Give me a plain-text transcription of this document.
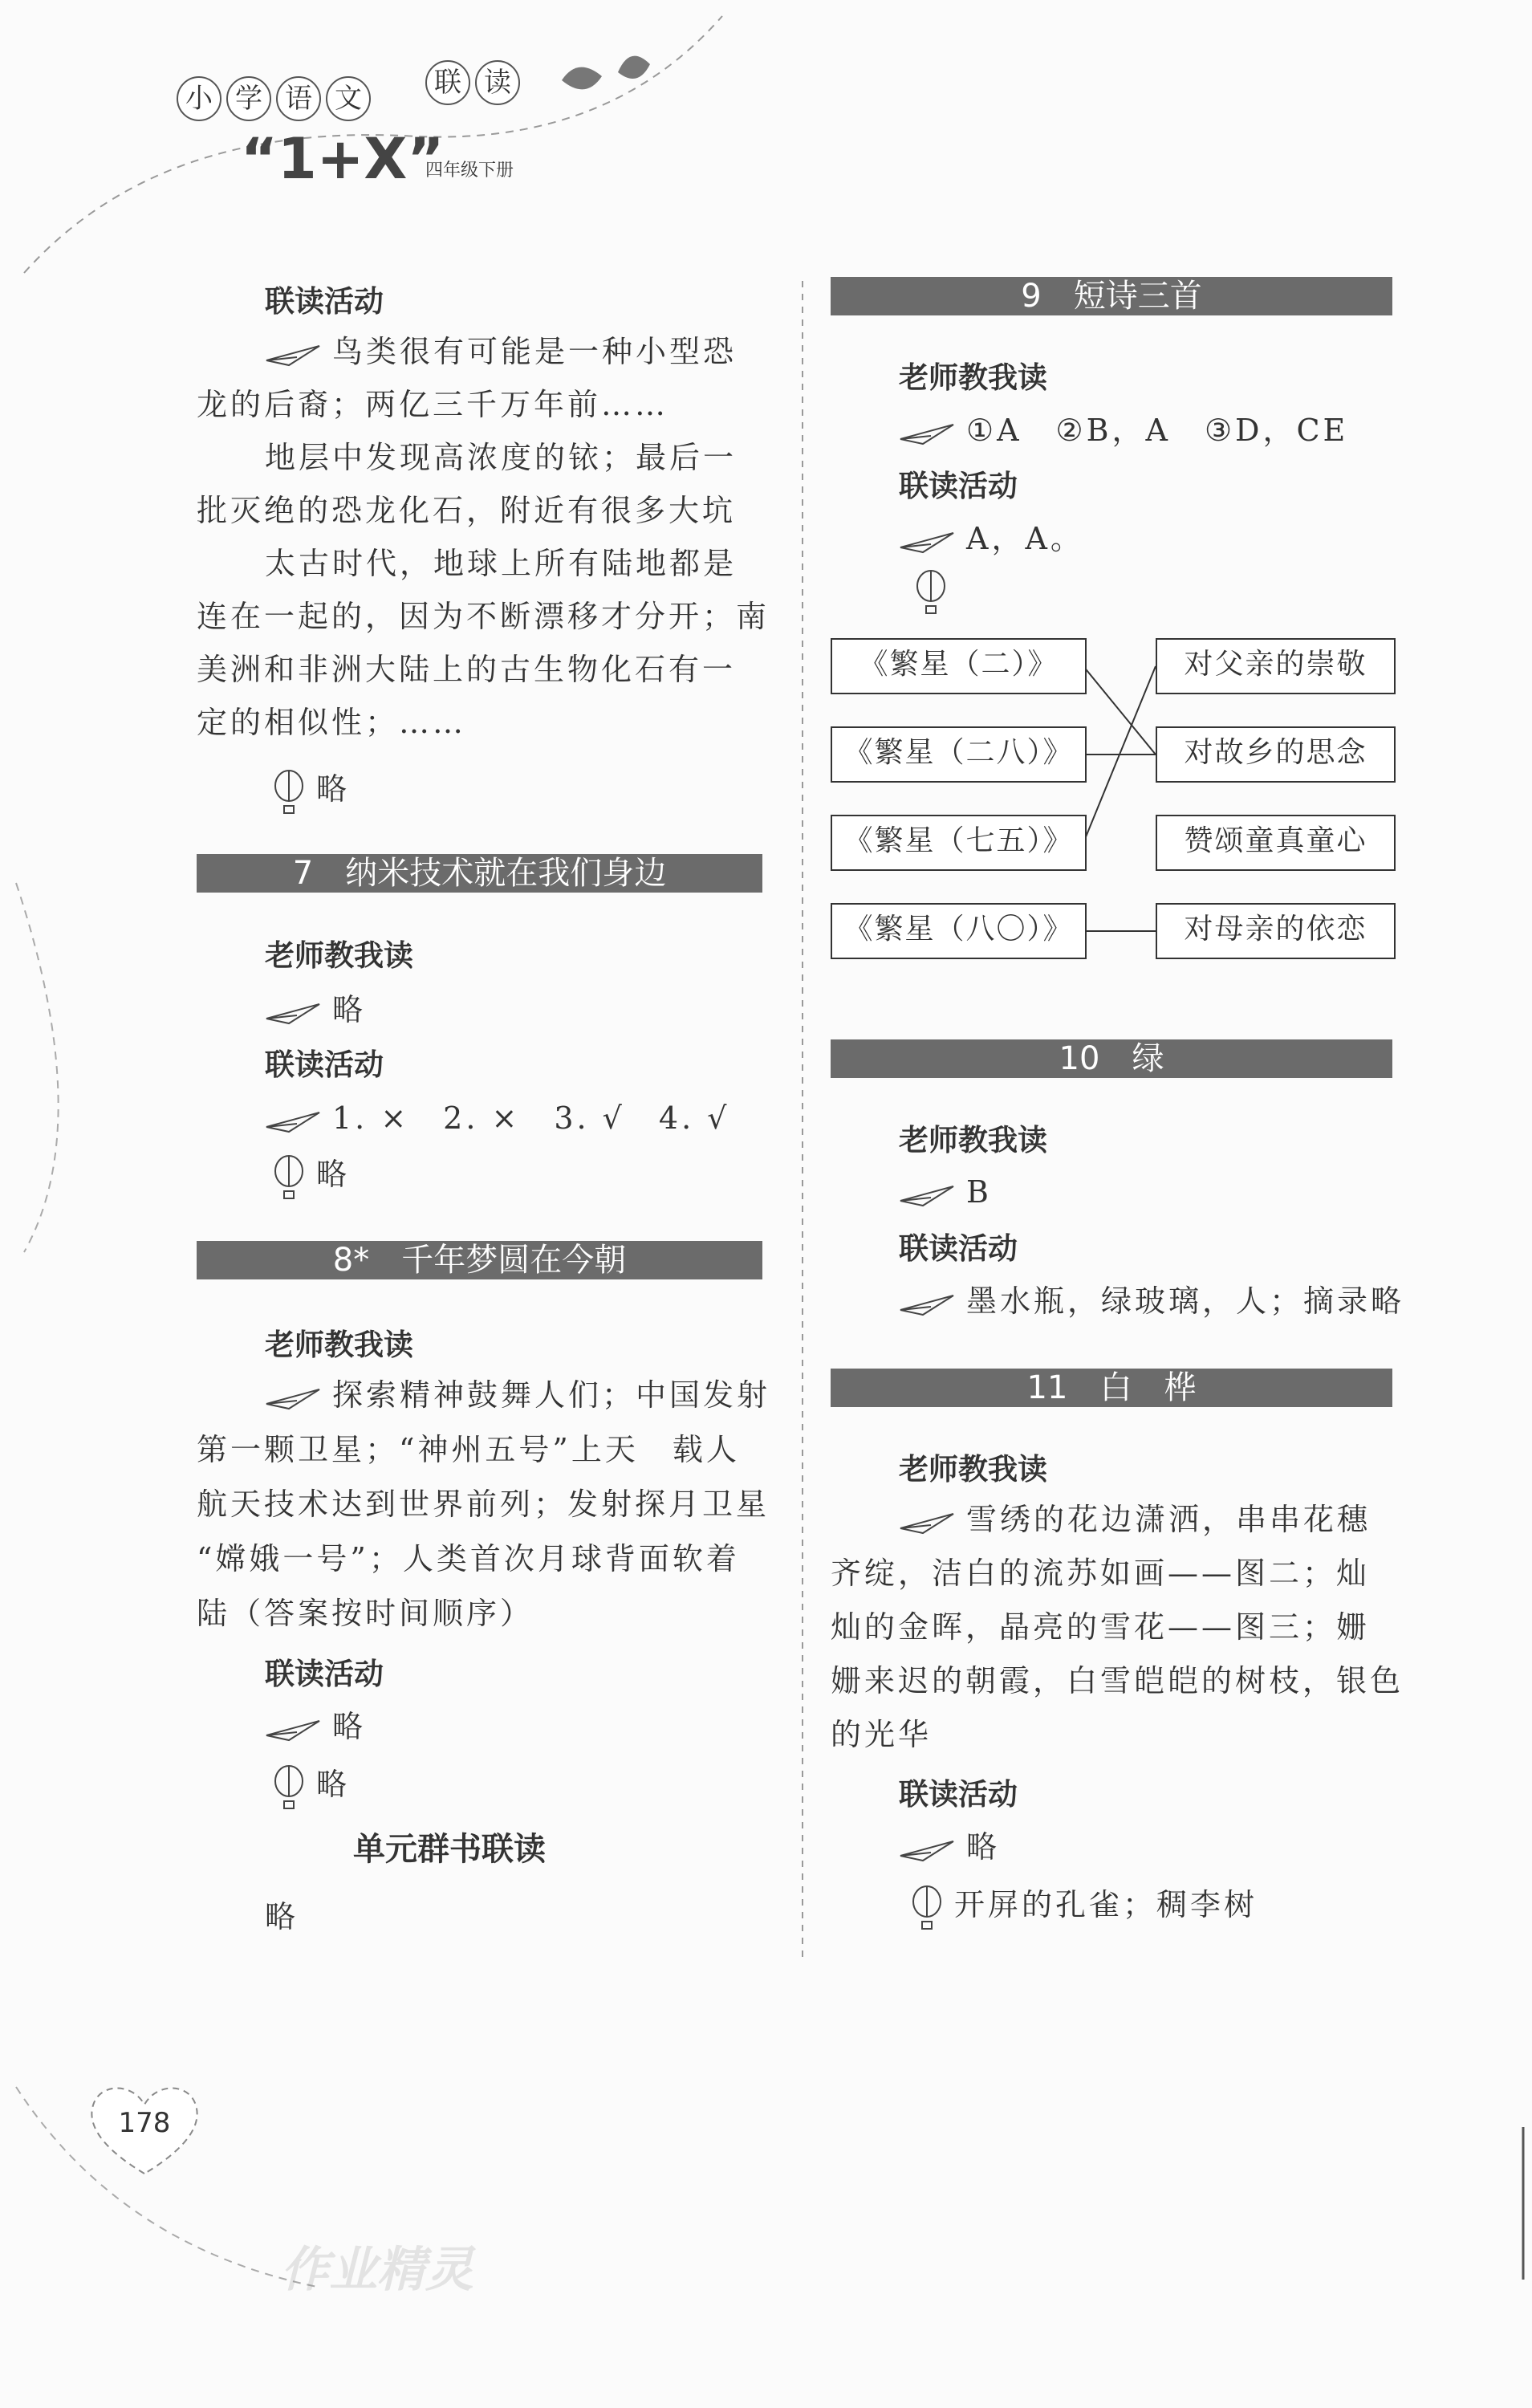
小 学 语 文	联 读
“1+X”
四年级下册
联读活动
鸟类很有可能是一种小型恐
龙的后裔；两亿三千万年前……
地层中发现高浓度的铱；最后一
批灭绝的恐龙化石，附近有很多大坑
太古时代，地球上所有陆地都是
连在一起的，因为不断漂移才分开；南
美洲和非洲大陆上的古生物化石有一
定的相似性；……
略
7　纳米技术就在我们身边
老师教我读
略
联读活动
1. ×　2. ×　3. √　4. √
略
8*　千年梦圆在今朝
老师教我读
探索精神鼓舞人们；中国发射
第一颗卫星；“神州五号”上天　载人
航天技术达到世界前列；发射探月卫星
“嫦娥一号”；人类首次月球背面软着
陆（答案按时间顺序）
联读活动
略
略
单元群书联读
略
9　短诗三首
老师教我读
①A　②B，A　③D，CE
联读活动
A，A。
《繁星（二）》
《繁星（二八）》
《繁星（七五）》
《繁星（八〇）》
对父亲的崇敬
对故乡的思念
赞颂童真童心
对母亲的依恋
10　绿
老师教我读
B
联读活动
墨水瓶，绿玻璃，人；摘录略
11　白　桦
老师教我读
雪绣的花边潇洒，串串花穗
齐绽，洁白的流苏如画——图二；灿
灿的金晖，晶亮的雪花——图三；姗
姗来迟的朝霞，白雪皑皑的树枝，银色
的光华
联读活动
略
开屏的孔雀；稠李树
178
作业精灵
